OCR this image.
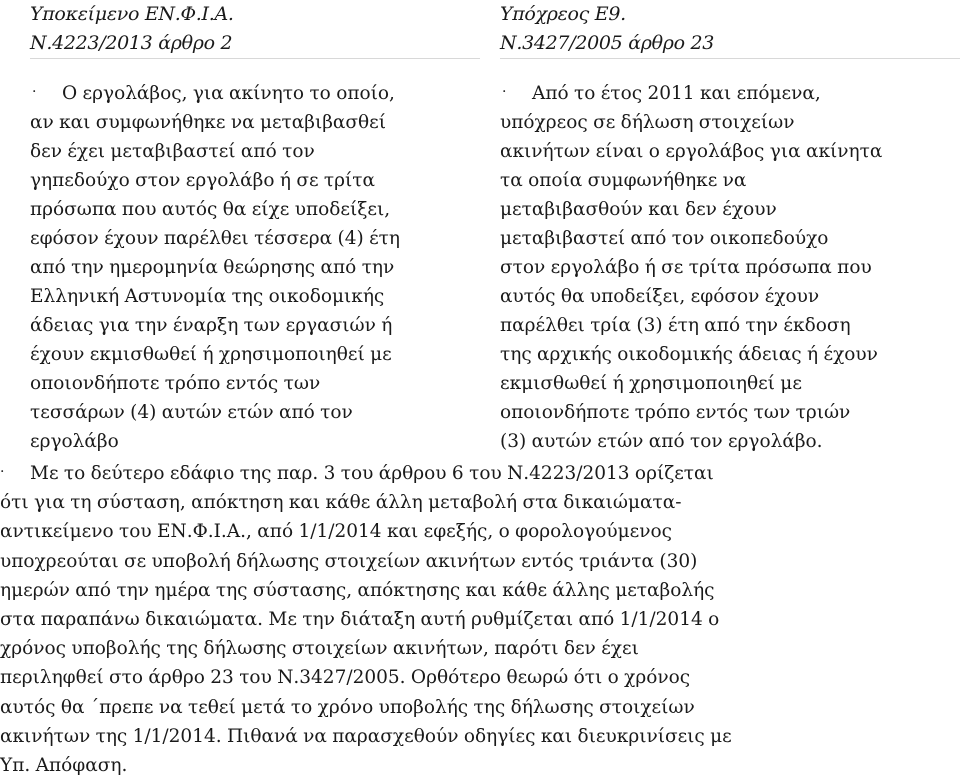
Υποκείμενο ΕΝ.Φ.Ι.Α.
Ν.4223/2013 άρθρο 2
· Ο εργολάβος, για ακίνητο το οποίο,
αν και συμφωνήθηκε να μεταβιβασθεί
δεν έχει μεταβιβαστεί από τον
γηπεδούχο στον εργολάβο ή σε τρίτα
πρόσωπα που αυτός θα είχε υποδείξει,
εφόσον έχουν παρέλθει τέσσερα (4) έτη
από την ημερομηνία θεώρησης από την
Ελληνική Αστυνομία της οικοδομικής
άδειας για την έναρξη των εργασιών ή
έχουν εκμισθωθεί ή χρησιμοποιηθεί με
οποιονδήποτε τρόπο εντός των
τεσσάρων (4) αυτών ετών από τον
εργολάβο
Υπόχρεος Ε9.
Ν.3427/2005 άρθρο 23
· Από το έτος 2011 και επόμενα,
υπόχρεος σε δήλωση στοιχείων
ακινήτων είναι ο εργολάβος για ακίνητα
τα οποία συμφωνήθηκε να
μεταβιβασθούν και δεν έχουν
μεταβιβαστεί από τον οικοπεδούχο
στον εργολάβο ή σε τρίτα πρόσωπα που
αυτός θα υποδείξει, εφόσον έχουν
παρέλθει τρία (3) έτη από την έκδοση
της αρχικής οικοδομικής άδειας ή έχουν
εκμισθωθεί ή χρησιμοποιηθεί με
οποιονδήποτε τρόπο εντός των τριών
(3) αυτών ετών από τον εργολάβο.
· Με το δεύτερο εδάφιο της παρ. 3 του άρθρου 6 του Ν.4223/2013 ορίζεται
ότι για τη σύσταση, απόκτηση και κάθε άλλη μεταβολή στα δικαιώματα-
αντικείμενο του ΕΝ.Φ.Ι.Α., από 1/1/2014 και εφεξής, ο φορολογούμενος
υποχρεούται σε υποβολή δήλωσης στοιχείων ακινήτων εντός τριάντα (30)
ημερών από την ημέρα της σύστασης, απόκτησης και κάθε άλλης μεταβολής
στα παραπάνω δικαιώματα. Με την διάταξη αυτή ρυθμίζεται από 1/1/2014 ο
χρόνος υποβολής της δήλωσης στοιχείων ακινήτων, παρότι δεν έχει
περιληφθεί στο άρθρο 23 του Ν.3427/2005. Ορθότερο θεωρώ ότι ο χρόνος
αυτός θα ΄πρεπε να τεθεί μετά το χρόνο υποβολής της δήλωσης στοιχείων
ακινήτων της 1/1/2014. Πιθανά να παρασχεθούν οδηγίες και διευκρινίσεις με
Υπ. Απόφαση.
